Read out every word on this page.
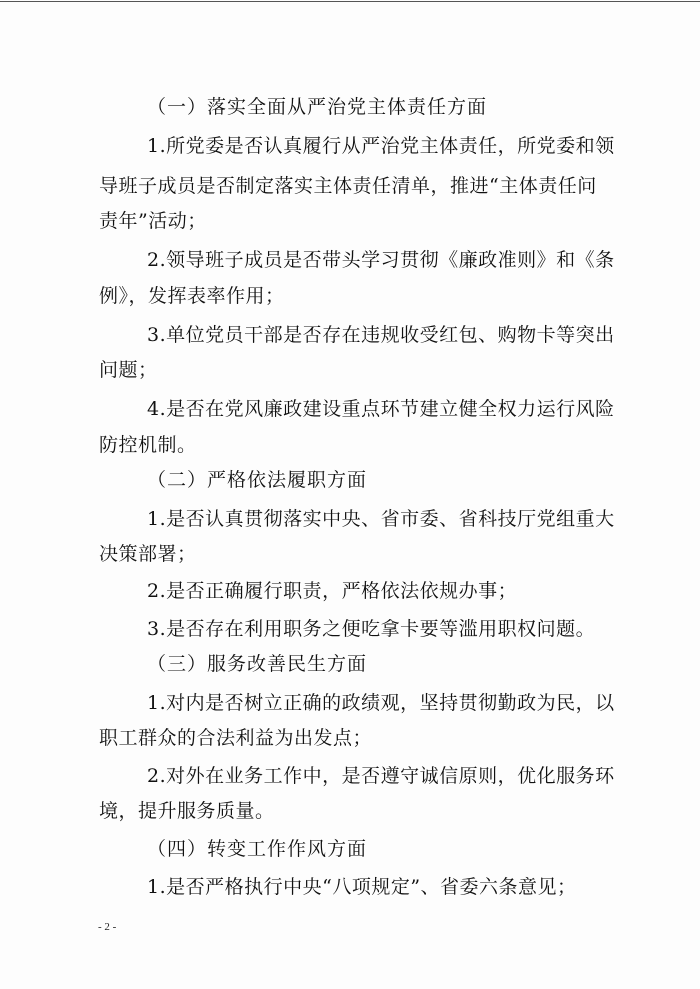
（一）落实全面从严治党主体责任方面
1.所党委是否认真履行从严治党主体责任，所党委和领
导班子成员是否制定落实主体责任清单，推进“主体责任问
责年”活动；
2.领导班子成员是否带头学习贯彻《廉政准则》和《条
例》，发挥表率作用；
3.单位党员干部是否存在违规收受红包、购物卡等突出
问题；
4.是否在党风廉政建设重点环节建立健全权力运行风险
防控机制。
（二）严格依法履职方面
1.是否认真贯彻落实中央、省市委、省科技厅党组重大
决策部署；
2.是否正确履行职责，严格依法依规办事；
3.是否存在利用职务之便吃拿卡要等滥用职权问题。
（三）服务改善民生方面
1.对内是否树立正确的政绩观，坚持贯彻勤政为民，以
职工群众的合法利益为出发点；
2.对外在业务工作中，是否遵守诚信原则，优化服务环
境，提升服务质量。
（四）转变工作作风方面
1.是否严格执行中央“八项规定”、省委六条意见；
- 2 -
